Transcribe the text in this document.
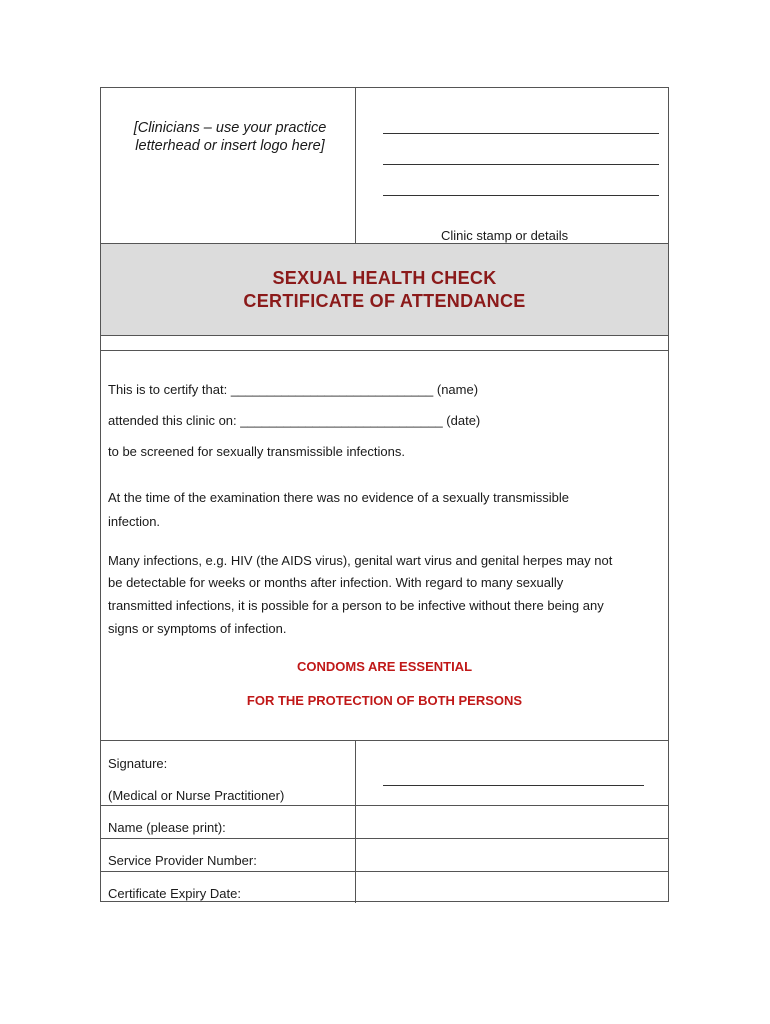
[Clinicians – use your practice
letterhead or insert logo here]
Clinic stamp or details
SEXUAL HEALTH CHECK
CERTIFICATE OF ATTENDANCE
This is to certify that: ____________________________ (name)
attended this clinic on: ____________________________ (date)
to be screened for sexually transmissible infections.
At the time of the examination there was no evidence of a sexually transmissible
infection.
Many infections, e.g. HIV (the AIDS virus), genital wart virus and genital herpes may not
be detectable for weeks or months after infection. With regard to many sexually
transmitted infections, it is possible for a person to be infective without there being any
signs or symptoms of infection.
CONDOMS ARE ESSENTIAL
FOR THE PROTECTION OF BOTH PERSONS
Signature:
(Medical or Nurse Practitioner)
Name (please print):
Service Provider Number:
Certificate Expiry Date:
